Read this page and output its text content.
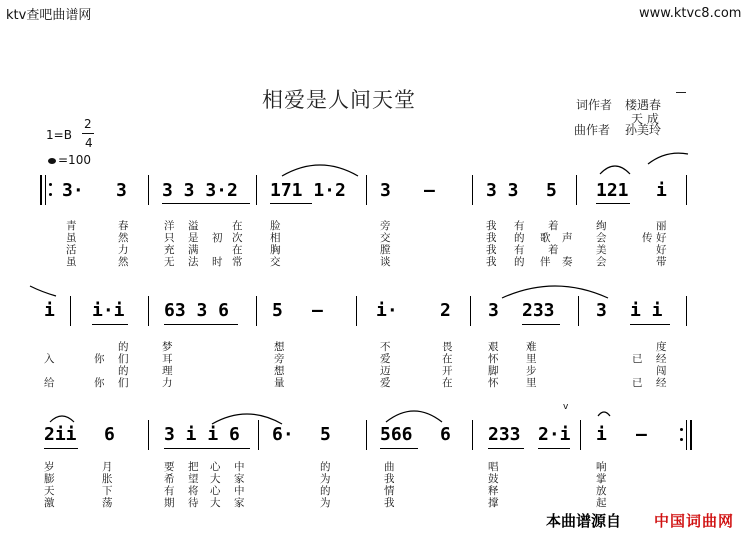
ktv查吧曲谱网	www.ktvc8.com
相爱是人间天堂	词作者 楼遇春
天 成
曲作者 孙美玲
1=B
2
4
=100
3· 3 3 3 3·2 171 1·2 3 –	3 3 5 121 i
青	春	洋 溢	在	脸	旁	我 有 着	绚	丽
虽	然	只 是 初 次	相	交	我 的 歌 声 会	传 好
活	力	充 满	在	胸	膛	我 有 着	美	好
虽	然	无 法 时 常	交	谈	我 的 伴 奏 会	带
i i·i 63 3 6 5 –	i· 2 3 233 3 i i
的	梦	想	不	畏	艰	难	度
入	你 们	耳	旁	爱	在	怀	里	已 经
的	理	想	迈	开	脚	步	闯
给	你 们	力	量	爱	在	怀	里	已 经
2ii 6	3 i i 6 6· 5	566 6 233 2·i i –
v
岁	月	要 把 心 中	的	曲	唱	响
膨	胀	希 望 大 家	为	我	鼓	掌
天	下	有 将 心 中	的	情	释	放
激	荡	期 待 大 家	为	我	撑	起
本曲谱源自 中国词曲网
